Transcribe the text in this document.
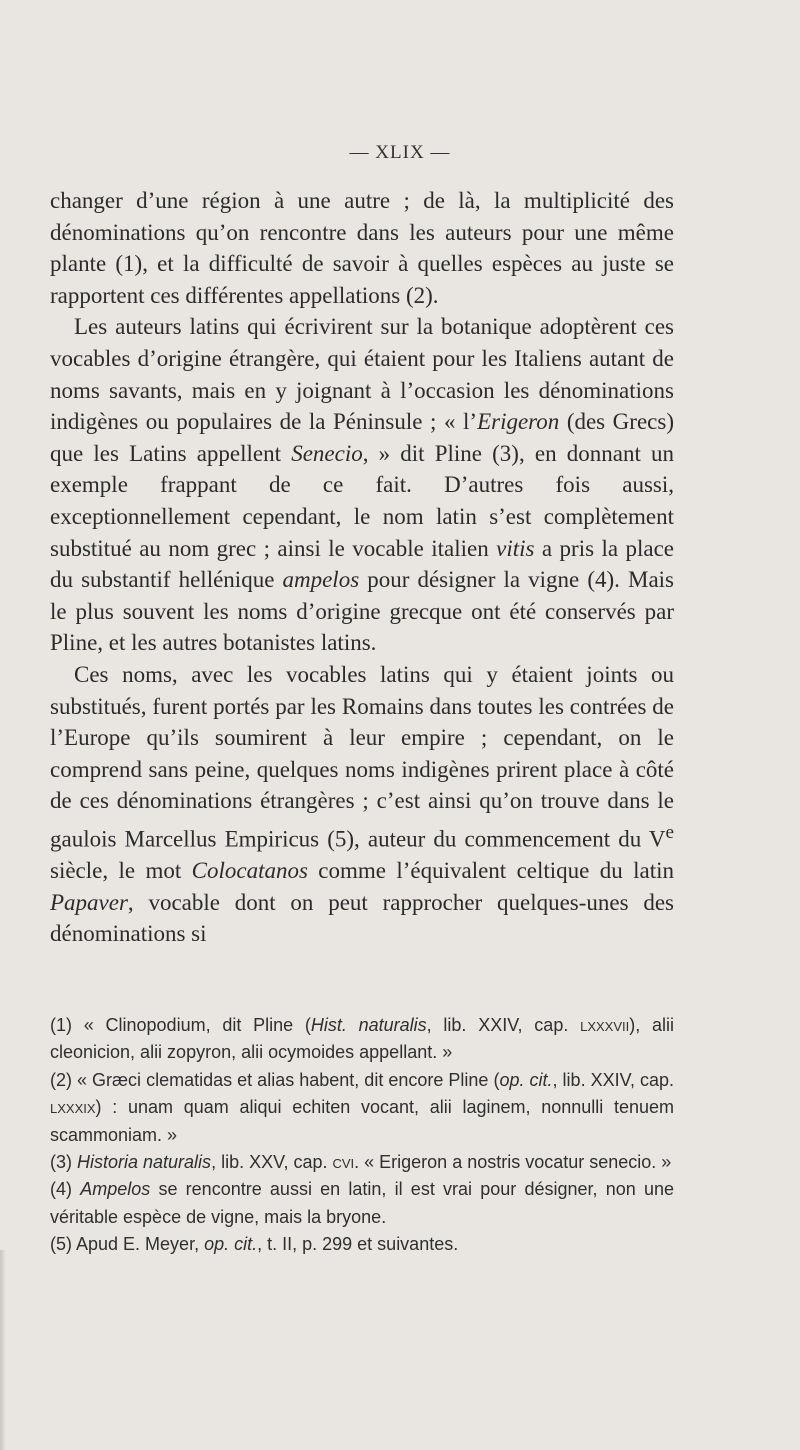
— XLIX —

changer d’une région à une autre ; de là, la multiplicité des dénominations qu’on rencontre dans les auteurs pour une même plante (1), et la difficulté de savoir à quelles espèces au juste se rapportent ces différentes appellations (2).

Les auteurs latins qui écrivirent sur la botanique adoptèrent ces vocables d’origine étrangère, qui étaient pour les Italiens autant de noms savants, mais en y joignant à l’occasion les dénominations indigènes ou populaires de la Péninsule ; « l’Erigeron (des Grecs) que les Latins appellent Senecio, » dit Pline (3), en donnant un exemple frappant de ce fait. D’autres fois aussi, exceptionnellement cependant, le nom latin s’est complètement substitué au nom grec ; ainsi le vocable italien vitis a pris la place du substantif hellénique ampelos pour désigner la vigne (4). Mais le plus souvent les noms d’origine grecque ont été conservés par Pline, et les autres botanistes latins.

Ces noms, avec les vocables latins qui y étaient joints ou substitués, furent portés par les Romains dans toutes les contrées de l’Europe qu’ils soumirent à leur empire ; cependant, on le comprend sans peine, quelques noms indigènes prirent place à côté de ces dénominations étrangères ; c’est ainsi qu’on trouve dans le gaulois Marcellus Empiricus (5), auteur du commencement du Ve siècle, le mot Colocatanos comme l’équivalent celtique du latin Papaver, vocable dont on peut rapprocher quelques-unes des dénominations si

(1) « Clinopodium, dit Pline (Hist. naturalis, lib. XXIV, cap. lxxxvii), alii cleonicion, alii zopyron, alii ocymoides appellant. »

(2) « Græci clematidas et alias habent, dit encore Pline (op. cit., lib. XXIV, cap. lxxxix) : unam quam aliqui echiten vocant, alii laginem, nonnulli tenuem scammoniam. »

(3) Historia naturalis, lib. XXV, cap. cvi. « Erigeron a nostris vocatur senecio. »

(4) Ampelos se rencontre aussi en latin, il est vrai pour désigner, non une véritable espèce de vigne, mais la bryone.

(5) Apud E. Meyer, op. cit., t. II, p. 299 et suivantes.
